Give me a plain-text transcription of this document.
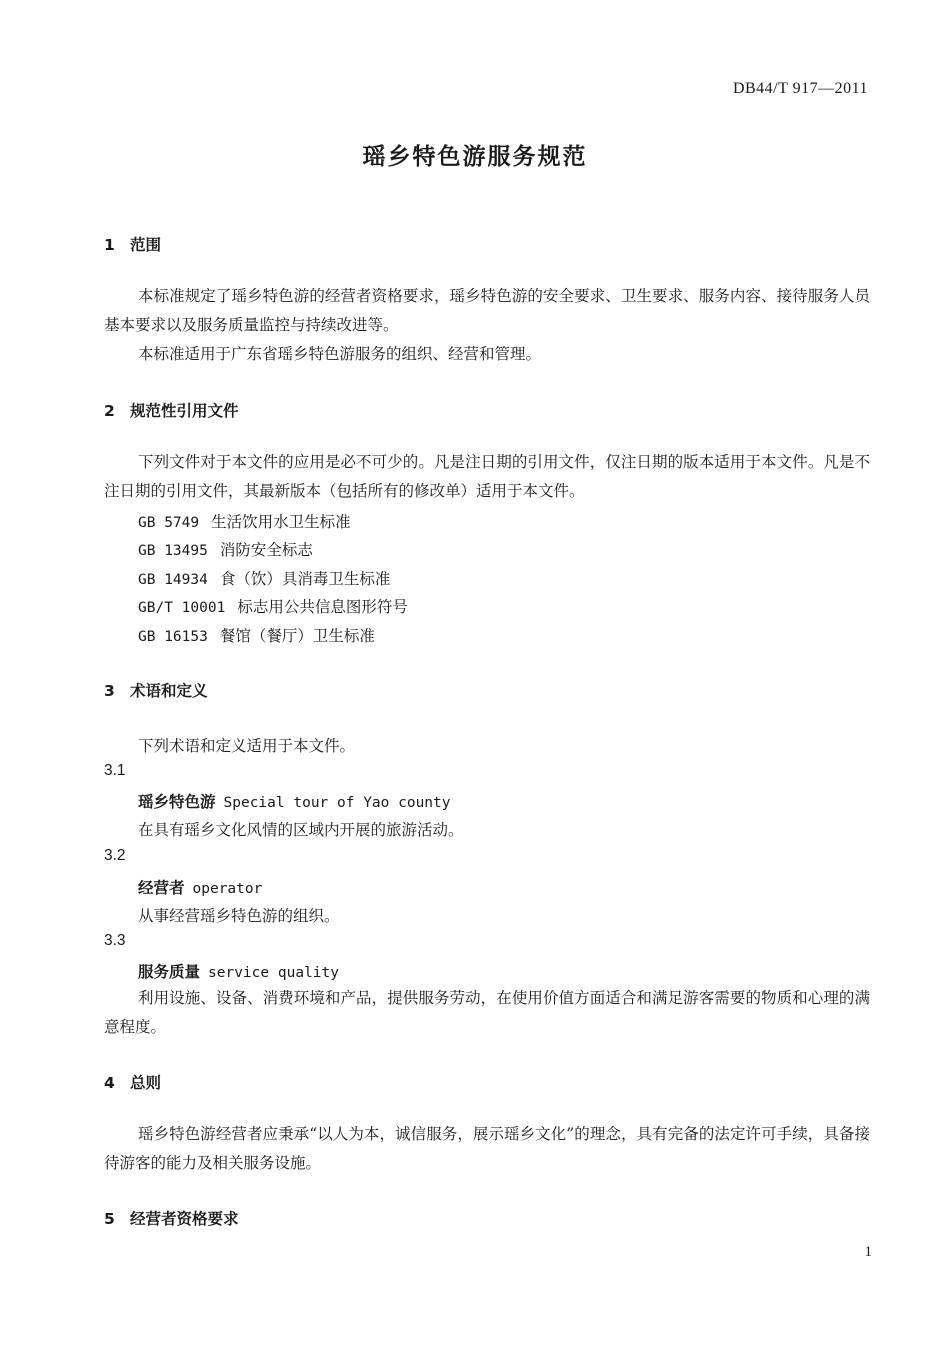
DB44/T 917—2011
瑶乡特色游服务规范
1 范围
本标准规定了瑶乡特色游的经营者资格要求，瑶乡特色游的安全要求、卫生要求、服务内容、接待服务人员基本要求以及服务质量监控与持续改进等。
本标准适用于广东省瑶乡特色游服务的组织、经营和管理。
2 规范性引用文件
下列文件对于本文件的应用是必不可少的。凡是注日期的引用文件，仅注日期的版本适用于本文件。凡是不注日期的引用文件，其最新版本（包括所有的修改单）适用于本文件。
GB 5749 生活饮用水卫生标准
GB 13495 消防安全标志
GB 14934 食（饮）具消毒卫生标准
GB/T 10001 标志用公共信息图形符号
GB 16153 餐馆（餐厅）卫生标准
3 术语和定义
下列术语和定义适用于本文件。
3.1
瑶乡特色游 Special tour of Yao county
在具有瑶乡文化风情的区域内开展的旅游活动。
3.2
经营者 operator
从事经营瑶乡特色游的组织。
3.3
服务质量 service quality
利用设施、设备、消费环境和产品，提供服务劳动，在使用价值方面适合和满足游客需要的物质和心理的满意程度。
4 总则
瑶乡特色游经营者应秉承“以人为本，诚信服务，展示瑶乡文化”的理念，具有完备的法定许可手续，具备接待游客的能力及相关服务设施。
5 经营者资格要求
1
